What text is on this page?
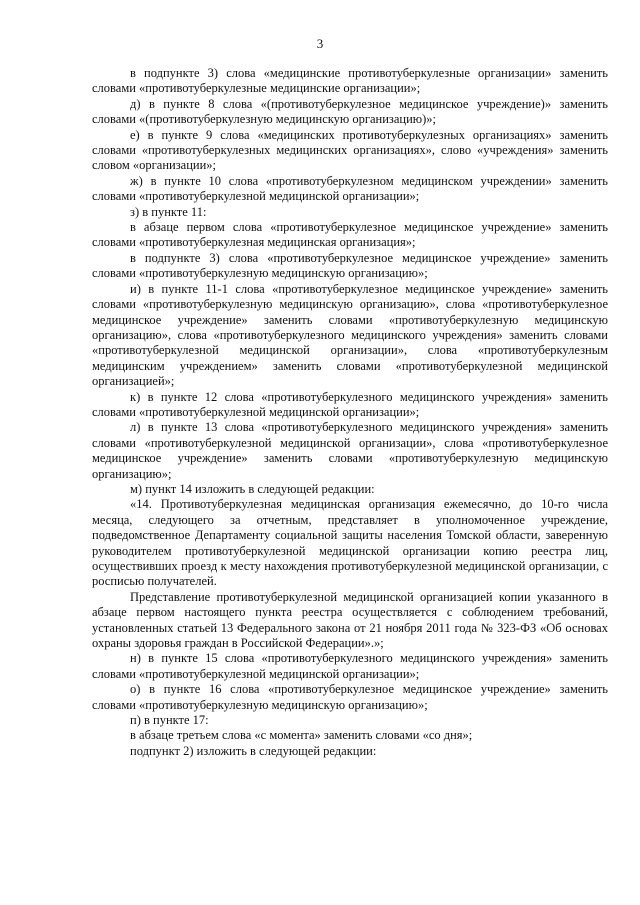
3

в подпункте 3) слова «медицинские противотуберкулезные организации» заменить словами «противотуберкулезные медицинские организации»;

д) в пункте 8 слова «(противотуберкулезное медицинское учреждение)» заменить словами «(противотуберкулезную медицинскую организацию)»;

е) в пункте 9 слова «медицинских противотуберкулезных организациях» заменить словами «противотуберкулезных медицинских организациях», слово «учреждения» заменить словом «организации»;

ж) в пункте 10 слова «противотуберкулезном медицинском учреждении» заменить словами «противотуберкулезной медицинской организации»;

з) в пункте 11:

в абзаце первом слова «противотуберкулезное медицинское учреждение» заменить словами «противотуберкулезная медицинская организация»;

в подпункте 3) слова «противотуберкулезное медицинское учреждение» заменить словами «противотуберкулезную медицинскую организацию»;

и) в пункте 11-1 слова «противотуберкулезное медицинское учреждение» заменить словами «противотуберкулезную медицинскую организацию», слова «противотуберкулезное медицинское учреждение» заменить словами «противотуберкулезную медицинскую организацию», слова «противотуберкулезного медицинского учреждения» заменить словами «противотуберкулезной медицинской организации», слова «противотуберкулезным медицинским учреждением» заменить словами «противотуберкулезной медицинской организацией»;

к) в пункте 12 слова «противотуберкулезного медицинского учреждения» заменить словами «противотуберкулезной медицинской организации»;

л) в пункте 13 слова «противотуберкулезного медицинского учреждения» заменить словами «противотуберкулезной медицинской организации», слова «противотуберкулезное медицинское учреждение» заменить словами «противотуберкулезную медицинскую организацию»;

м) пункт 14 изложить в следующей редакции:

«14. Противотуберкулезная медицинская организация ежемесячно, до 10-го числа месяца, следующего за отчетным, представляет в уполномоченное учреждение, подведомственное Департаменту социальной защиты населения Томской области, заверенную руководителем противотуберкулезной медицинской организации копию реестра лиц, осуществивших проезд к месту нахождения противотуберкулезной медицинской организации, с росписью получателей.

Представление противотуберкулезной медицинской организацией копии указанного в абзаце первом настоящего пункта реестра осуществляется с соблюдением требований, установленных статьей 13 Федерального закона от 21 ноября 2011 года № 323-ФЗ «Об основах охраны здоровья граждан в Российской Федерации».»;

н) в пункте 15 слова «противотуберкулезного медицинского учреждения» заменить словами «противотуберкулезной медицинской организации»;

о) в пункте 16 слова «противотуберкулезное медицинское учреждение» заменить словами «противотуберкулезную медицинскую организацию»;

п) в пункте 17:

в абзаце третьем слова «с момента» заменить словами «со дня»;

подпункт 2) изложить в следующей редакции:
